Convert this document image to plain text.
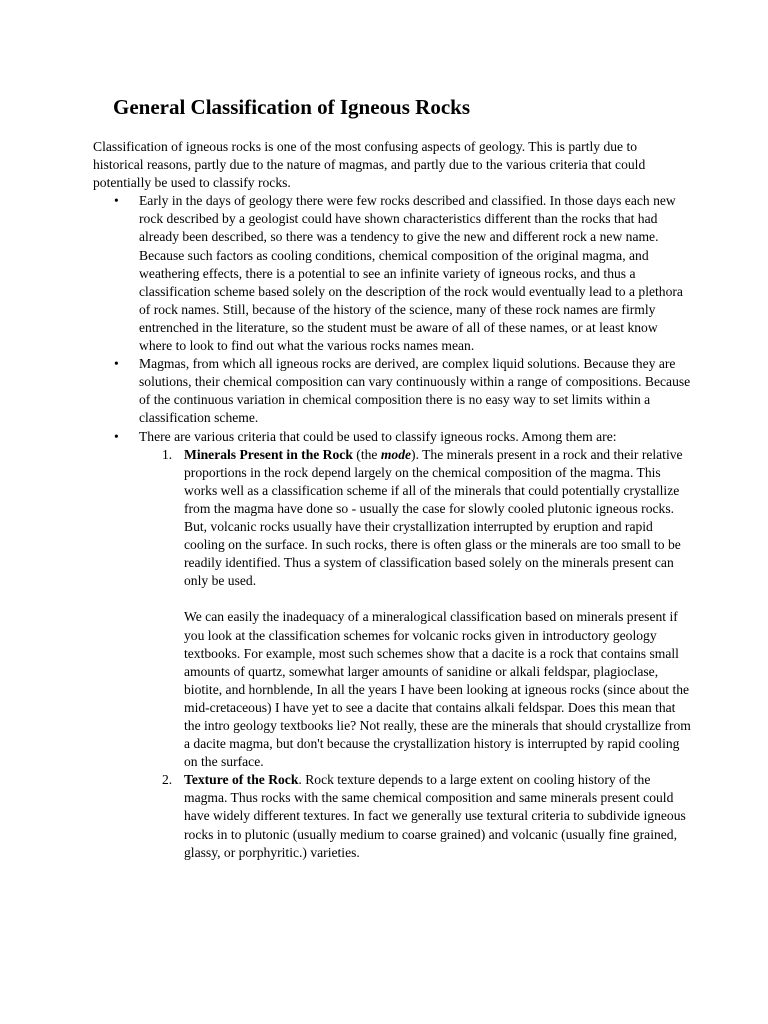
General Classification of Igneous Rocks

Classification of igneous rocks is one of the most confusing aspects of geology. This is partly due to historical reasons, partly due to the nature of magmas, and partly due to the various criteria that could potentially be used to classify rocks.

• Early in the days of geology there were few rocks described and classified. In those days each new rock described by a geologist could have shown characteristics different than the rocks that had already been described, so there was a tendency to give the new and different rock a new name. Because such factors as cooling conditions, chemical composition of the original magma, and weathering effects, there is a potential to see an infinite variety of igneous rocks, and thus a classification scheme based solely on the description of the rock would eventually lead to a plethora of rock names. Still, because of the history of the science, many of these rock names are firmly entrenched in the literature, so the student must be aware of all of these names, or at least know where to look to find out what the various rocks names mean.
• Magmas, from which all igneous rocks are derived, are complex liquid solutions. Because they are solutions, their chemical composition can vary continuously within a range of compositions. Because of the continuous variation in chemical composition there is no easy way to set limits within a classification scheme.
• There are various criteria that could be used to classify igneous rocks. Among them are:
1. Minerals Present in the Rock (the mode). The minerals present in a rock and their relative proportions in the rock depend largely on the chemical composition of the magma. This works well as a classification scheme if all of the minerals that could potentially crystallize from the magma have done so - usually the case for slowly cooled plutonic igneous rocks. But, volcanic rocks usually have their crystallization interrupted by eruption and rapid cooling on the surface. In such rocks, there is often glass or the minerals are too small to be readily identified. Thus a system of classification based solely on the minerals present can only be used.

We can easily the inadequacy of a mineralogical classification based on minerals present if you look at the classification schemes for volcanic rocks given in introductory geology textbooks. For example, most such schemes show that a dacite is a rock that contains small amounts of quartz, somewhat larger amounts of sanidine or alkali feldspar, plagioclase, biotite, and hornblende, In all the years I have been looking at igneous rocks (since about the mid-cretaceous) I have yet to see a dacite that contains alkali feldspar. Does this mean that the intro geology textbooks lie? Not really, these are the minerals that should crystallize from a dacite magma, but don't because the crystallization history is interrupted by rapid cooling on the surface.

2. Texture of the Rock. Rock texture depends to a large extent on cooling history of the magma. Thus rocks with the same chemical composition and same minerals present could have widely different textures. In fact we generally use textural criteria to subdivide igneous rocks in to plutonic (usually medium to coarse grained) and volcanic (usually fine grained, glassy, or porphyritic.) varieties.
